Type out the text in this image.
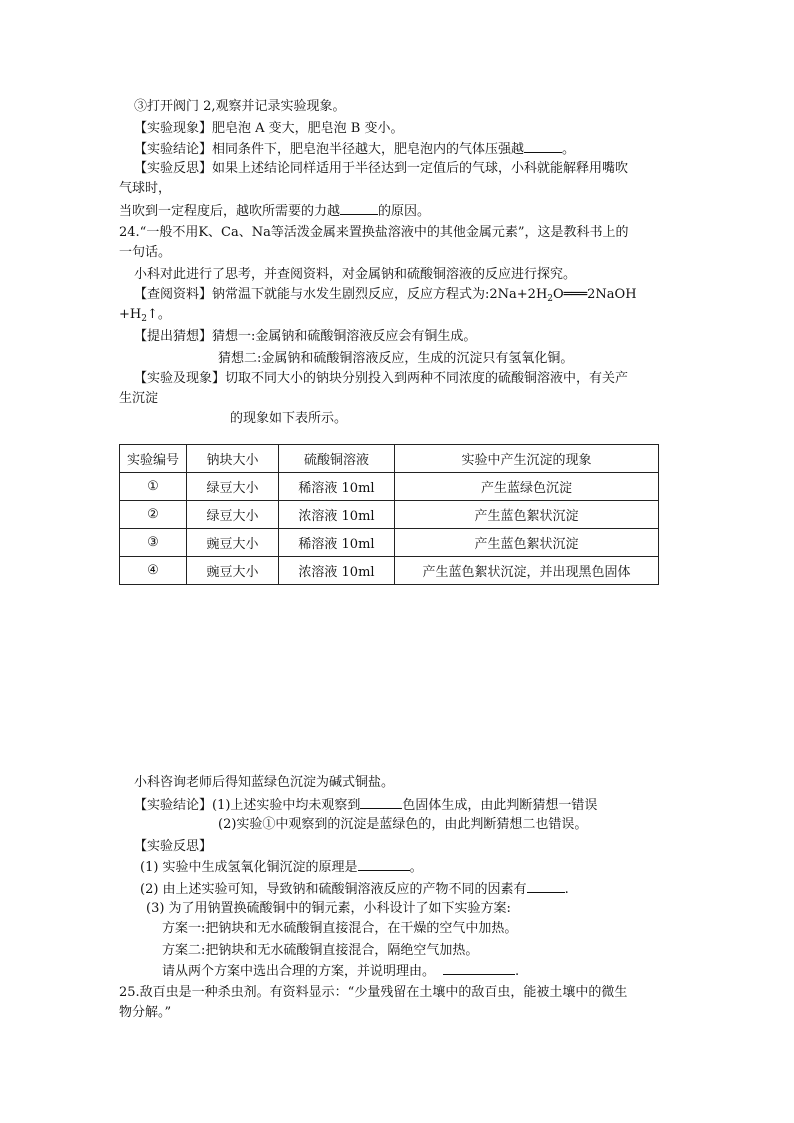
③打开阀门 2,观察并记录实验现象。
【实验现象】肥皂泡 A 变大，肥皂泡 B 变小。
【实验结论】相同条件下，肥皂泡半径越大，肥皂泡内的气体压强越	。
【实验反思】如果上述结论同样适用于半径达到一定值后的气球，小科就能解释用嘴吹
气球时，
当吹到一定程度后，越吹所需要的力越	的原因。
24.“一般不用K、Ca、Na等活泼金属来置换盐溶液中的其他金属元素”，这是教科书上的
一句话。
小科对此进行了思考，并查阅资料，对金属钠和硫酸铜溶液的反应进行探究。
【查阅资料】钠常温下就能与水发生剧烈反应，反应方程式为$:2Na+2H_2O═══2NaOH$
$+H_2↑$。
【提出猜想】猜想一:金属钠和硫酸铜溶液反应会有铜生成。
猜想二:金属钠和硫酸铜溶液反应，生成的沉淀只有氢氧化铜。
【实验及现象】切取不同大小的钠块分别投入到两种不同浓度的硫酸铜溶液中，有关产
生沉淀
的现象如下表所示。
实验编号	钠块大小	硫酸铜溶液	实验中产生沉淀的现象
①	绿豆大小	稀溶液 10ml	产生蓝绿色沉淀
②	绿豆大小	浓溶液 10ml	产生蓝色絮状沉淀
③	豌豆大小	稀溶液 10ml	产生蓝色絮状沉淀
④	豌豆大小	浓溶液 10ml	产生蓝色絮状沉淀，并出现黑色固体
小科咨询老师后得知蓝绿色沉淀为碱式铜盐。
【实验结论】(1)上述实验中均未观察到	色固体生成，由此判断猜想一错误
(2)实验①中观察到的沉淀是蓝绿色的，由此判断猜想二也错误。
【实验反思】
(1) 实验中生成氢氧化铜沉淀的原理是	。
(2) 由上述实验可知，导致钠和硫酸铜溶液反应的产物不同的因素有	.
(3) 为了用钠置换硫酸铜中的铜元素，小科设计了如下实验方案:
方案一:把钠块和无水硫酸铜直接混合，在干燥的空气中加热。
方案二:把钠块和无水硫酸铜直接混合，隔绝空气加热。
请从两个方案中选出合理的方案，并说明理由。	.
25.敌百虫是一种杀虫剂。有资料显示：“少量残留在土壤中的敌百虫，能被土壤中的微生
物分解。”
